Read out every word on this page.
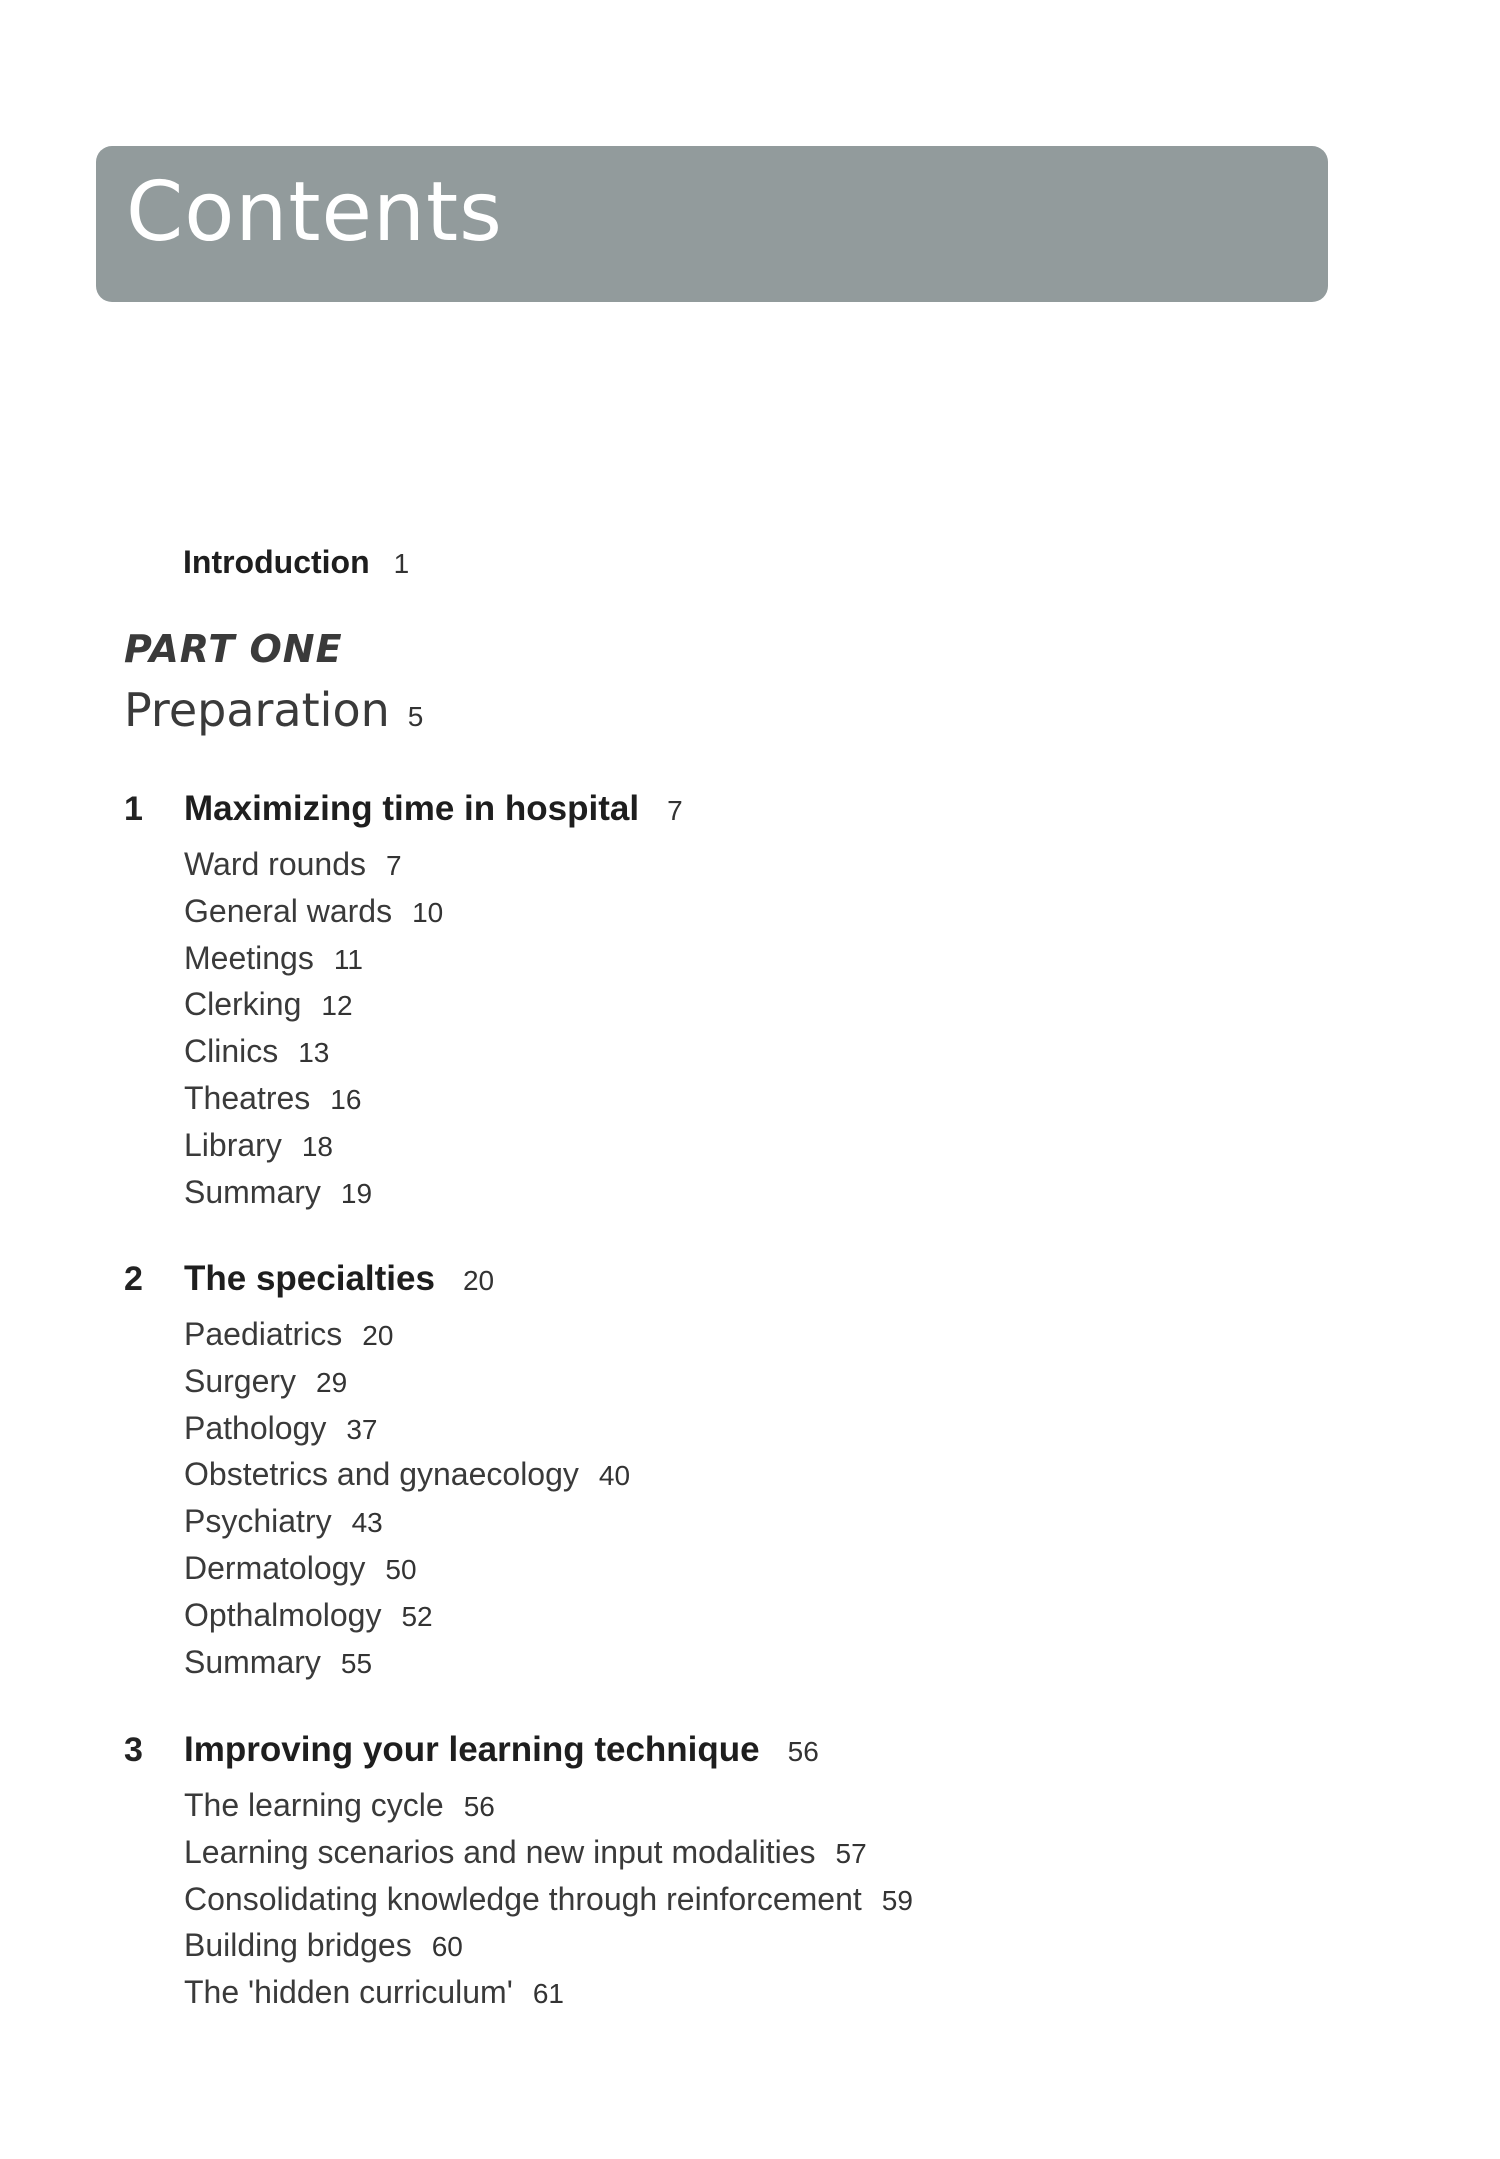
Contents
Introduction 1
PART ONE
Preparation 5
1 Maximizing time in hospital 7
Ward rounds 7
General wards 10
Meetings 11
Clerking 12
Clinics 13
Theatres 16
Library 18
Summary 19
2 The specialties 20
Paediatrics 20
Surgery 29
Pathology 37
Obstetrics and gynaecology 40
Psychiatry 43
Dermatology 50
Opthalmology 52
Summary 55
3 Improving your learning technique 56
The learning cycle 56
Learning scenarios and new input modalities 57
Consolidating knowledge through reinforcement 59
Building bridges 60
The 'hidden curriculum' 61
